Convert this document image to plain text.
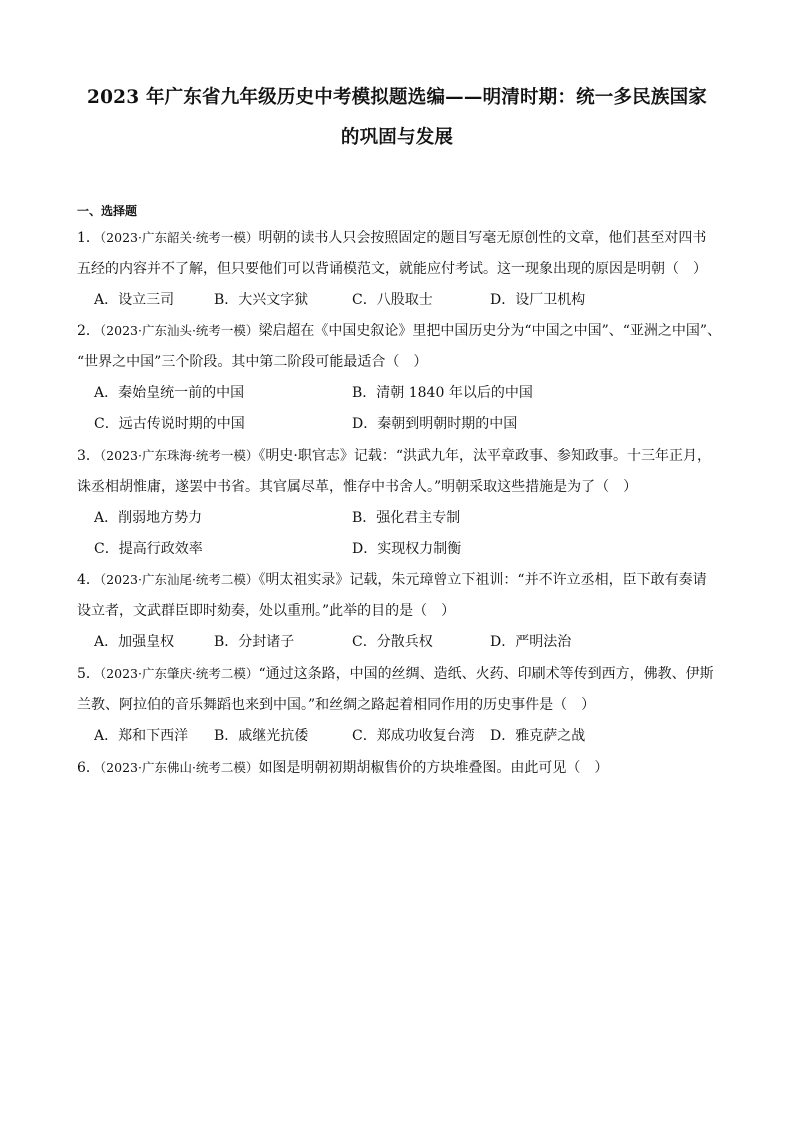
2023 年广东省九年级历史中考模拟题选编——明清时期：统一多民族国家
的巩固与发展
一、选择题
1．（2023·广东韶关·统考一模）明朝的读书人只会按照固定的题目写毫无原创性的文章，他们甚至对四书
五经的内容并不了解，但只要他们可以背诵模范文，就能应付考试。这一现象出现的原因是明朝（　）
A．设立三司	B．大兴文字狱	C．八股取士	D．设厂卫机构
2．（2023·广东汕头·统考一模）梁启超在《中国史叙论》里把中国历史分为“中国之中国”、“亚洲之中国”、
“世界之中国”三个阶段。其中第二阶段可能最适合（　）
A．秦始皇统一前的中国	B．清朝 1840 年以后的中国
C．远古传说时期的中国	D．秦朝到明朝时期的中国
3．（2023·广东珠海·统考一模）《明史·职官志》记载：“洪武九年，汰平章政事、参知政事。十三年正月，
诛丞相胡惟庸，遂罢中书省。其官属尽革，惟存中书舍人。”明朝采取这些措施是为了（　）
A．削弱地方势力	B．强化君主专制
C．提高行政效率	D．实现权力制衡
4．（2023·广东汕尾·统考二模）《明太祖实录》记载，朱元璋曾立下祖训：“并不许立丞相，臣下敢有奏请
设立者，文武群臣即时劾奏，处以重刑。”此举的目的是（　）
A．加强皇权	B．分封诸子	C．分散兵权	D．严明法治
5．（2023·广东肇庆·统考二模）“通过这条路，中国的丝绸、造纸、火药、印刷术等传到西方，佛教、伊斯
兰教、阿拉伯的音乐舞蹈也来到中国。”和丝绸之路起着相同作用的历史事件是（　）
A．郑和下西洋 B．戚继光抗倭	C．郑成功收复台湾 D．雅克萨之战
6．（2023·广东佛山·统考二模）如图是明朝初期胡椒售价的方块堆叠图。由此可见（　）
